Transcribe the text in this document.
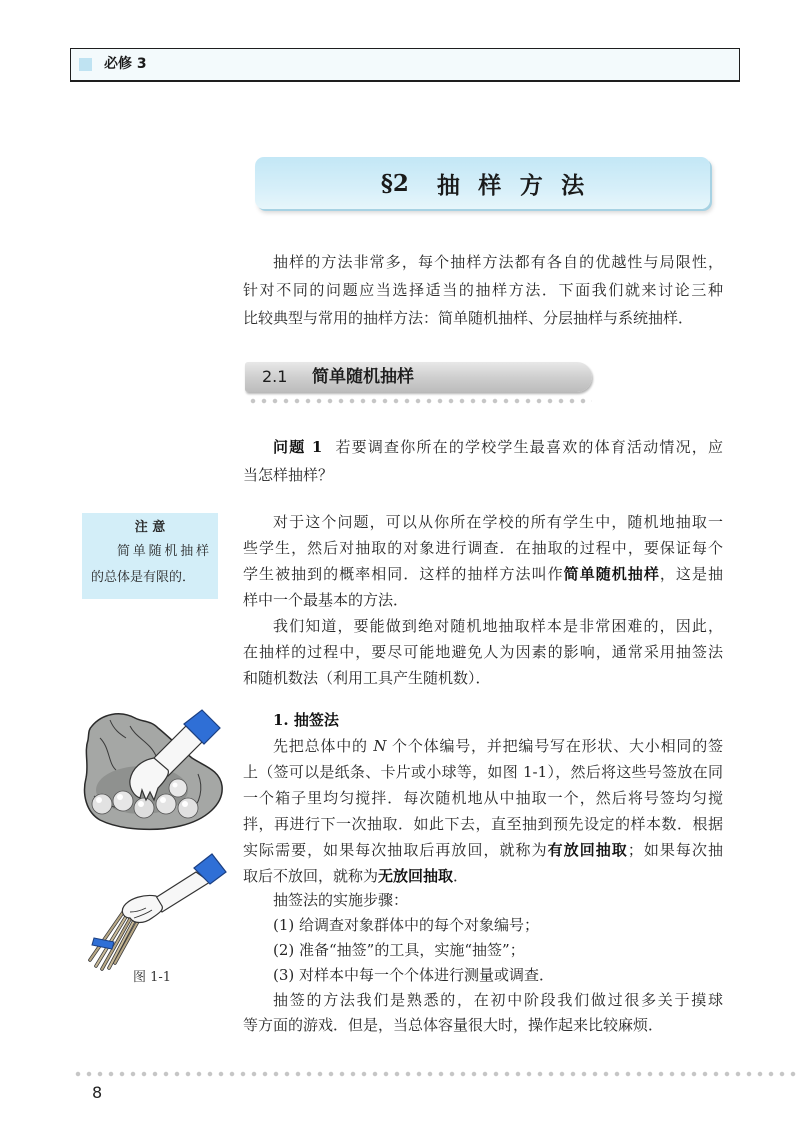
必修 3
§2 抽样方法
抽样的方法非常多，每个抽样方法都有各自的优越性与局限性，
针对不同的问题应当选择适当的抽样方法．下面我们就来讨论三种
比较典型与常用的抽样方法：简单随机抽样、分层抽样与系统抽样．
2.1 简单随机抽样
问题 1 若要调查你所在的学校学生最喜欢的体育活动情况，应
当怎样抽样？
注 意
简单随机抽样
的总体是有限的．
对于这个问题，可以从你所在学校的所有学生中，随机地抽取一
些学生，然后对抽取的对象进行调查．在抽取的过程中，要保证每个
学生被抽到的概率相同．这样的抽样方法叫作简单随机抽样，这是抽
样中一个最基本的方法．
我们知道，要能做到绝对随机地抽取样本是非常困难的，因此，
在抽样的过程中，要尽可能地避免人为因素的影响，通常采用抽签法
和随机数法（利用工具产生随机数）．
1. 抽签法
先把总体中的 N 个个体编号，并把编号写在形状、大小相同的签
上（签可以是纸条、卡片或小球等，如图 1-1），然后将这些号签放在同
一个箱子里均匀搅拌．每次随机地从中抽取一个，然后将号签均匀搅
拌，再进行下一次抽取．如此下去，直至抽到预先设定的样本数．根据
实际需要，如果每次抽取后再放回，就称为有放回抽取；如果每次抽
取后不放回，就称为无放回抽取．
抽签法的实施步骤：
(1) 给调查对象群体中的每个对象编号；
(2) 准备“抽签”的工具，实施“抽签”；
(3) 对样本中每一个个体进行测量或调查．
抽签的方法我们是熟悉的，在初中阶段我们做过很多关于摸球
等方面的游戏．但是，当总体容量很大时，操作起来比较麻烦．
图 1-1
8
